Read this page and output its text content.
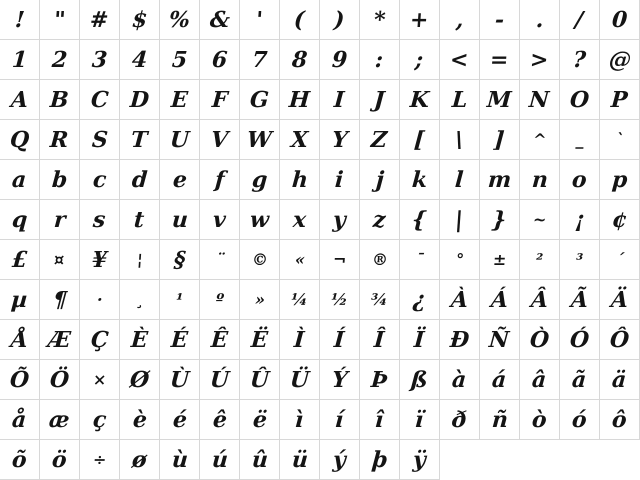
! " # $ % & ' ( ) * + , - . / 0
1 2 3 4 5 6 7 8 9 : ; < = > ? @
A B C D E F G H I J K L M N O P
Q R S T U V W X Y Z [ \ ] ^ _ `
a b c d e f g h i j k l m n o p
q r s t u v w x y z { | } ~ ¡ ¢
£ ¤ ¥ ¦ § ¨ © « ¬ ® ¯ ° ± ² ³ ´
µ ¶ · ¸ ¹ º » ¼ ½ ¾ ¿ À Á Â Ã Ä
Å Æ Ç È É Ê Ë Ì Í Î Ï Ð Ñ Ò Ó Ô
Õ Ö × Ø Ù Ú Û Ü Ý Þ ß à á â ã ä
å æ ç è é ê ë ì í î ï ð ñ ò ó ô
õ ö ÷ ø ù ú û ü ý þ ÿ
